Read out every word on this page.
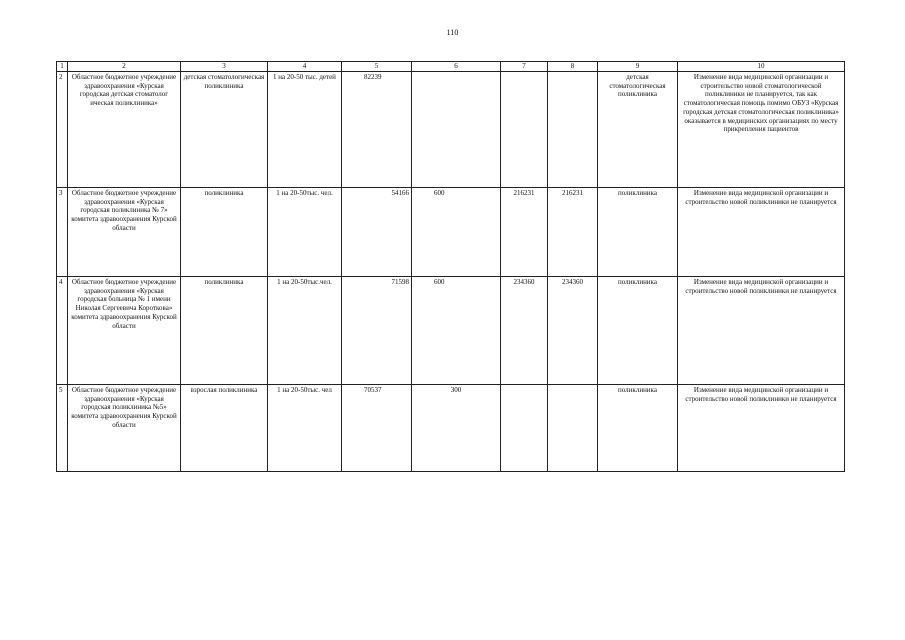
110
1	2	3	4	5	6	7	8	9	10
2	Областное бюджетное учреждение здравоохранения «Курская городская детская стоматолог ическая поликлиника»	детская стоматологическая поликлиника	1 на 20-50 тыс. детей	82239				детская стоматологическая поликлиника	Изменение вида медицинской организации и строительство новой стоматологической поликлиники не планируется, так как стоматологическая помощь помимо ОБУЗ «Курская городская детская стоматологическая поликлиника» оказывается в медицинских организациях по месту прикрепления пациентов
3	Областное бюджетное учреждение здравоохранения «Курская городская поликлиника № 7» комитета здравоохранения Курской области	поликлиника	1 на 20-50тыс. чел.	54166	600	216231	216231	поликлиника	Изменение вида медицинской организации и строительство новой поликлиники не планируется
4	Областное бюджетное учреждение здравоохранения «Курская городская больница № 1 имени Николая Сергеевича Короткова» комитета здравоохранения Курской области	поликлиника	1 на 20-50тыс.чел.	71598	600	234360	234360	поликлиника	Изменение вида медицинской организации и строительство новой поликлиники не планируется
5	Областное бюджетное учреждение здравоохранения «Курская городская поликлиника №5» комитета здравоохранения Курской области	взрослая поликлиника	1 на 20-50тыс. чел	70537	300			поликлиника	Изменение вида медицинской организации и строительство новой поликлиники не планируется
